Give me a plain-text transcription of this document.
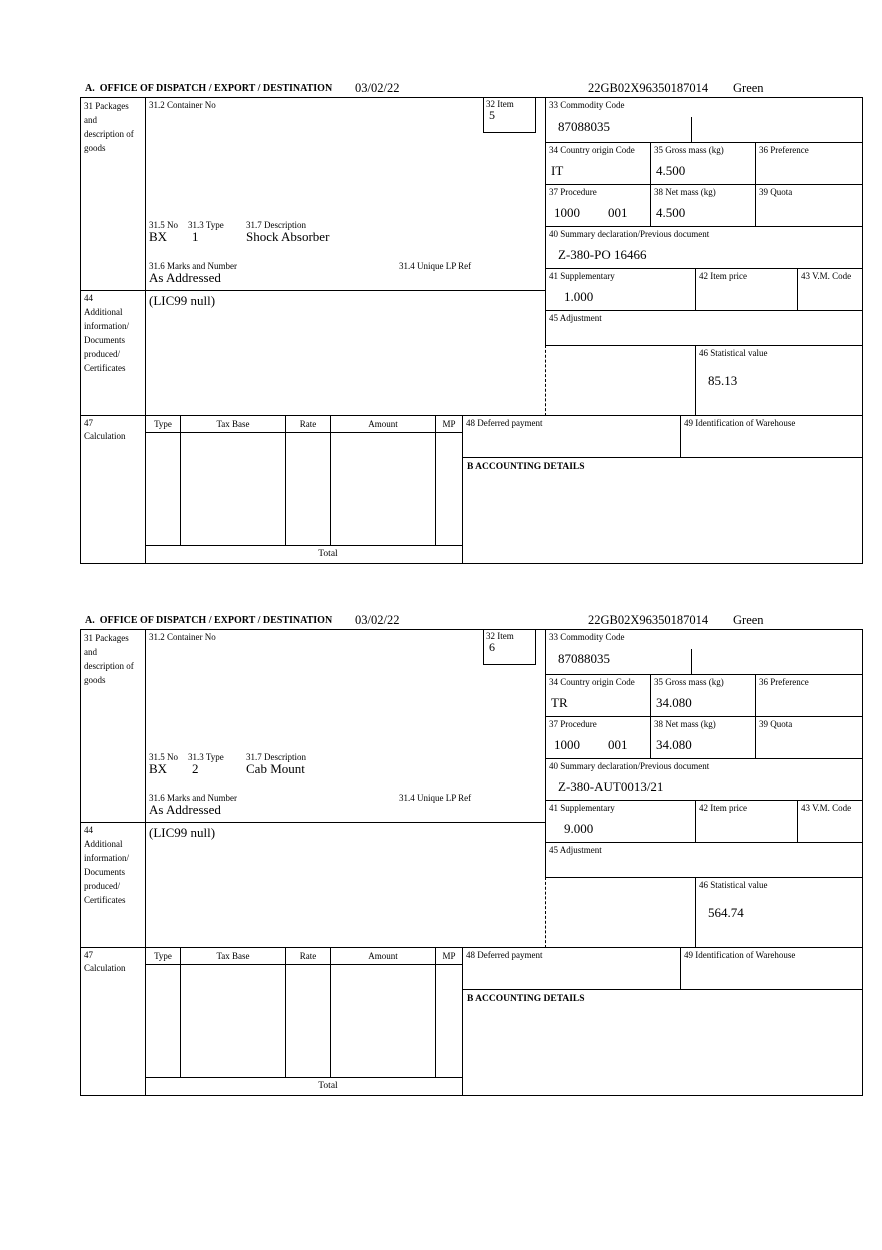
A.  OFFICE OF DISPATCH / EXPORT / DESTINATION 03/02/22	22GB02X96350187014 Green
31 Packages and description of goods
44
Additional information/ Documents produced/ Certificates
47
Calculation
31.2 Container No
31.5 No 31.3 Type 31.7 Description
BX 1	Shock Absorber
31.6 Marks and Number	31.4 Unique LP Ref
As Addressed
32 Item
5
(LIC99 null)
33 Commodity Code
87088035
34 Country origin Code
IT
35 Gross mass (kg)
4.500
36 Preference
37 Procedure
1000 001
38 Net mass (kg)
4.500
39 Quota
40 Summary declaration/Previous document
Z-380-PO 16466
41 Supplementary
1.000
42 Item price	43 V.M. Code
45 Adjustment
46 Statistical value
85.13
Type	Tax Base	Rate	Amount	MP
Total
48 Deferred payment	49 Identification of Warehouse
B ACCOUNTING DETAILS
A.  OFFICE OF DISPATCH / EXPORT / DESTINATION 03/02/22	22GB02X96350187014 Green
31 Packages and description of goods
44
Additional information/ Documents produced/ Certificates
47
Calculation
31.2 Container No
31.5 No 31.3 Type 31.7 Description
BX 2	Cab Mount
31.6 Marks and Number	31.4 Unique LP Ref
As Addressed
32 Item
6
(LIC99 null)
33 Commodity Code
87088035
34 Country origin Code
TR
35 Gross mass (kg)
34.080
36 Preference
37 Procedure
1000 001
38 Net mass (kg)
34.080
39 Quota
40 Summary declaration/Previous document
Z-380-AUT0013/21
41 Supplementary
9.000
42 Item price	43 V.M. Code
45 Adjustment
46 Statistical value
564.74
Type	Tax Base	Rate	Amount	MP
Total
48 Deferred payment	49 Identification of Warehouse
B ACCOUNTING DETAILS
